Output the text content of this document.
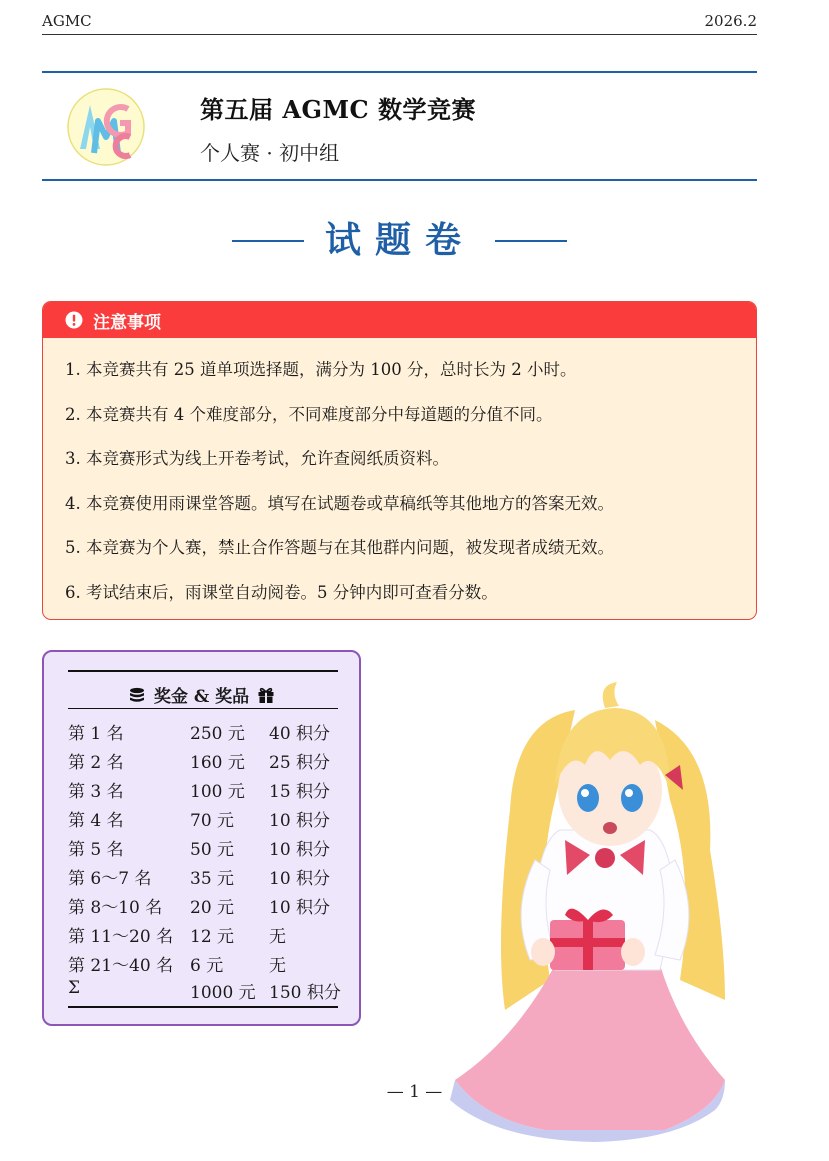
AGMC	2026.2
第五届 AGMC 数学竞赛
个人赛 · 初中组
试题卷
注意事项
1. 本竞赛共有 25 道单项选择题，满分为 100 分，总时长为 2 小时。
2. 本竞赛共有 4 个难度部分，不同难度部分中每道题的分值不同。
3. 本竞赛形式为线上开卷考试，允许查阅纸质资料。
4. 本竞赛使用雨课堂答题。填写在试题卷或草稿纸等其他地方的答案无效。
5. 本竞赛为个人赛，禁止合作答题与在其他群内问题，被发现者成绩无效。
6. 考试结束后，雨课堂自动阅卷。5 分钟内即可查看分数。
奖金 & 奖品
第 1 名	250 元 40 积分
第 2 名	160 元 25 积分
第 3 名	100 元 15 积分
第 4 名	70 元 10 积分
第 5 名	50 元 10 积分
第 6～7 名 35 元 10 积分
第 8～10 名 20 元 10 积分
第 11～20 名 12 元 无
第 21～40 名 6 元	无
Σ	1000 元 150 积分
— 1 —
